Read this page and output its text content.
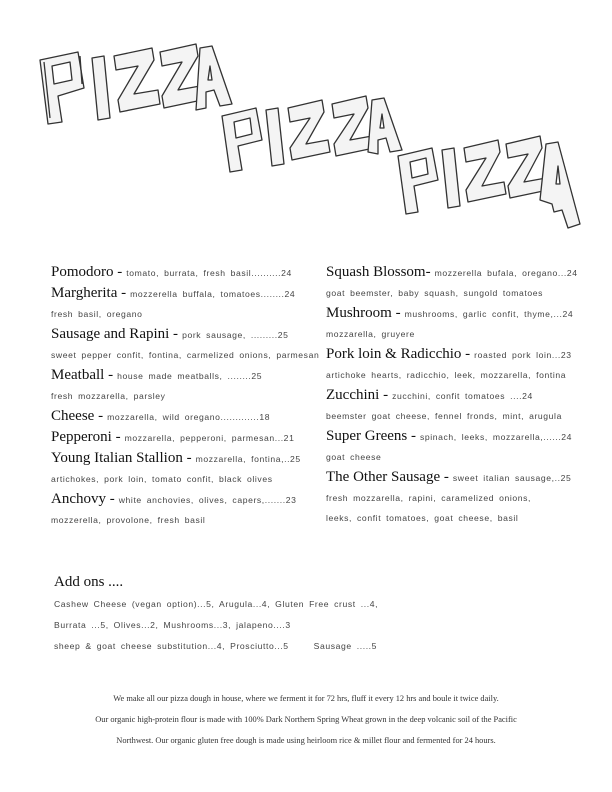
Pomodoro - tomato, burrata, fresh basil..........24
Margherita - mozzerella buffala, tomatoes........24
fresh basil, oregano
Sausage and Rapini - pork sausage, .........25
sweet pepper confit, fontina, carmelized onions, parmesan
Meatball - house made meatballs, ........25
fresh mozzarella, parsley
Cheese - mozzarella, wild oregano.............18
Pepperoni - mozzarella, pepperoni, parmesan...21
Young Italian Stallion - mozzarella, fontina,..25
artichokes, pork loin, tomato confit, black olives
Anchovy - white anchovies, olives, capers,.......23
mozzerella, provolone, fresh basil
Squash Blossom- mozzerella bufala, oregano...24
goat beemster, baby squash, sungold tomatoes
Mushroom - mushrooms, garlic confit, thyme,...24
mozzarella, gruyere
Pork loin & Radicchio - roasted pork loin...23
artichoke hearts, radicchio, leek, mozzarella, fontina
Zucchini - zucchini, confit tomatoes ....24
beemster goat cheese, fennel fronds, mint, arugula
Super Greens - spinach, leeks, mozzarella,......24
goat cheese
The Other Sausage - sweet italian sausage,..25
fresh mozzarella, rapini, caramelized onions, leeks, confit tomatoes, goat cheese, basil
Add ons ....
Cashew Cheese (vegan option)...5, Arugula...4, Gluten Free crust ...4,
Burrata ...5, Olives...2, Mushrooms...3, jalapeno....3
sheep & goat cheese substitution...4, Prosciutto...5     Sausage .....5
We make all our pizza dough in house, where we ferment it for 72 hrs, fluff it every 12 hrs and boule it twice daily.
Our organic high-protein flour is made with 100% Dark Northern Spring Wheat grown in the deep volcanic soil of the Pacific
Northwest. Our organic gluten free dough is made using heirloom rice & millet flour and fermented for 24 hours.
